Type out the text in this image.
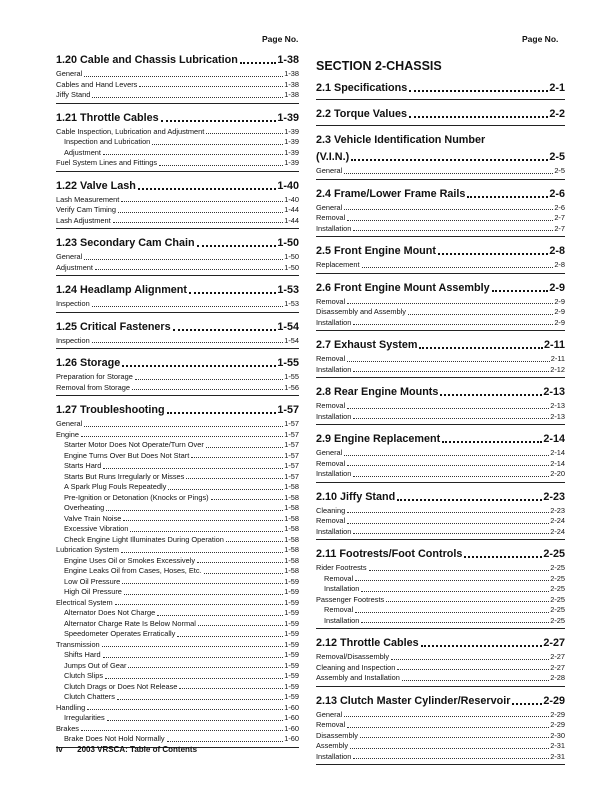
Page No.	Page No.
1.20 Cable and Chassis Lubrication	1-38
General	1-38
Cables and Hand Levers	1-38
Jiffy Stand	1-38
1.21 Throttle Cables	1-39
Cable Inspection, Lubrication and Adjustment	1-39
Inspection and Lubrication	1-39
Adjustment	1-39
Fuel System Lines and Fittings	1-39
1.22 Valve Lash	1-40
Lash Measurement	1-40
Verify Cam Timing	1-44
Lash Adjustment	1-44
1.23 Secondary Cam Chain	1-50
General	1-50
Adjustment	1-50
1.24 Headlamp Alignment	1-53
Inspection	1-53
1.25 Critical Fasteners	1-54
Inspection	1-54
1.26 Storage	1-55
Preparation for Storage	1-55
Removal from Storage	1-56
1.27 Troubleshooting	1-57
General	1-57
Engine	1-57
Starter Motor Does Not Operate/Turn Over	1-57
Engine Turns Over But Does Not Start	1-57
Starts Hard	1-57
Starts But Runs Irregularly or Misses	1-57
A Spark Plug Fouls Repeatedly	1-58
Pre-Ignition or Detonation (Knocks or Pings)	1-58
Overheating	1-58
Valve Train Noise	1-58
Excessive Vibration	1-58
Check Engine Light Illuminates During Operation	1-58
Lubrication System	1-58
Engine Uses Oil or Smokes Excessively	1-58
Engine Leaks Oil from Cases, Hoses, Etc.	1-58
Low Oil Pressure	1-59
High Oil Pressure	1-59
Electrical System	1-59
Alternator Does Not Charge	1-59
Alternator Charge Rate Is Below Normal	1-59
Speedometer Operates Erratically	1-59
Transmission	1-59
Shifts Hard	1-59
Jumps Out of Gear	1-59
Clutch Slips	1-59
Clutch Drags or Does Not Release	1-59
Clutch Chatters	1-59
Handling	1-60
Irregularities	1-60
Brakes	1-60
Brake Does Not Hold Normally	1-60
SECTION 2-CHASSIS
2.1 Specifications	2-1
2.2 Torque Values	2-2
2.3 Vehicle Identification Number
(V.I.N.)	2-5
General	2-5
2.4 Frame/Lower Frame Rails	2-6
General	2-6
Removal	2-7
Installation	2-7
2.5 Front Engine Mount	2-8
Replacement	2-8
2.6 Front Engine Mount Assembly	2-9
Removal	2-9
Disassembly and Assembly	2-9
Installation	2-9
2.7 Exhaust System	2-11
Removal	2-11
Installation	2-12
2.8 Rear Engine Mounts	2-13
Removal	2-13
Installation	2-13
2.9 Engine Replacement	2-14
General	2-14
Removal	2-14
Installation	2-20
2.10 Jiffy Stand	2-23
Cleaning	2-23
Removal	2-24
Installation	2-24
2.11 Footrests/Foot Controls	2-25
Rider Footrests	2-25
Removal	2-25
Installation	2-25
Passenger Footrests	2-25
Removal	2-25
Installation	2-25
2.12 Throttle Cables	2-27
Removal/Disassembly	2-27
Cleaning and Inspection	2-27
Assembly and Installation	2-28
2.13 Clutch Master Cylinder/Reservoir	2-29
General	2-29
Removal	2-29
Disassembly	2-30
Assembly	2-31
Installation	2-31
iv 2003 VRSCA: Table of Contents
